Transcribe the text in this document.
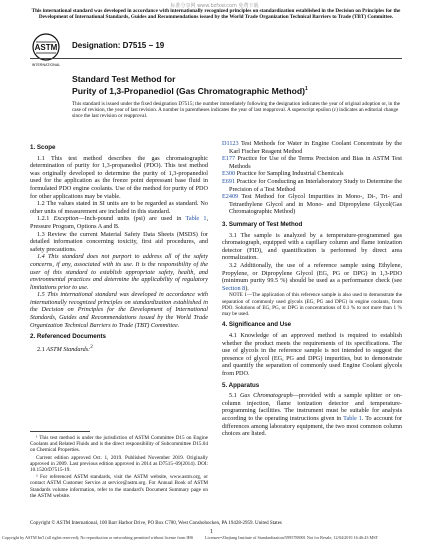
标准分享网 www.bzfxw.com 免费下载
This international standard was developed in accordance with internationally recognized principles on standardization established in the Decision on Principles for the Development of International Standards, Guides and Recommendations issued by the World Trade Organization Technical Barriers to Trade (TBT) Committee.
ASTM
INTERNATIONAL
Designation: D7515 − 19
Standard Test Method for
Purity of 1,3-Propanediol (Gas Chromatographic Method)$^1$
This standard is issued under the fixed designation D7515; the number immediately following the designation indicates the year of original adoption or, in the case of revision, the year of last revision. A number in parentheses indicates the year of last reapproval. A superscript epsilon (ε) indicates an editorial change since the last revision or reapproval.
1. Scope

1.1 This test method describes the gas chromatographic determination of purity for 1,3-propanediol (PDO). This test method was originally developed to determine the purity of 1,3-propanediol used for the application as the freeze point depressant base fluid in formulated PDO engine coolants. Use of the method for purity of PDO for other applications may be viable.

1.2 The values stated in SI units are to be regarded as standard. No other units of measurement are included in this standard.

1.2.1 Exception—Inch-pound units (psi) are used in Table 1, Pressure Program, Options A and B.

1.3 Review the current Material Safety Data Sheets (MSDS) for detailed information concerning toxicity, first aid procedures, and safety precautions.

1.4 This standard does not purport to address all of the safety concerns, if any, associated with its use. It is the responsibility of the user of this standard to establish appropriate safety, health, and environmental practices and determine the applicability of regulatory limitations prior to use.

1.5 This international standard was developed in accordance with internationally recognized principles on standardization established in the Decision on Principles for the Development of International Standards, Guides and Recommendations issued by the World Trade Organization Technical Barriers to Trade (TBT) Committee.

2. Referenced Documents

2.1 ASTM Standards:$^2$

¹ This test method is under the jurisdiction of ASTM Committee D15 on Engine Coolants and Related Fluids and is the direct responsibility of Subcommittee D15.04 on Chemical Properties.

Current edition approved Oct. 1, 2019. Published November 2019. Originally approved in 2009. Last previous edition approved in 2014 as D7515–09(2014). DOI: 10.1520/D7515-19.

² For referenced ASTM standards, visit the ASTM website, www.astm.org, or contact ASTM Customer Service at service@astm.org. For Annual Book of ASTM Standards volume information, refer to the standard's Document Summary page on the ASTM website.

D1123 Test Methods for Water in Engine Coolant Concentrate by the Karl Fischer Reagent Method

E177 Practice for Use of the Terms Precision and Bias in ASTM Test Methods

E300 Practice for Sampling Industrial Chemicals

E691 Practice for Conducting an Interlaboratory Study to Determine the Precision of a Test Method

E2409 Test Method for Glycol Impurities in Mono-, Di-, Tri- and Tetraethylene Glycol and in Mono- and Dipropylene Glycol(Gas Chromatographic Method)

3. Summary of Test Method

3.1 The sample is analyzed by a temperature-programmed gas chromatograph, equipped with a capillary column and flame ionization detector (FID), and quantification is performed by direct area normalization.

3.2 Additionally, the use of a reference sample using Ethylene, Propylene, or Dipropylene Glycol (EG, PG or DPG) in 1,3-PDO (minimum purity 99.5 %) should be used as a performance check (see Section 8).

NOTE 1—The application of this reference sample is also used to demonstrate the separation of commonly used glycols (EG, PG and DPG) in engine coolants, from PDO. Solutions of EG, PG, or DPG in concentrations of 0.1 % to not more than 1 % may be used.

4. Significance and Use

4.1 Knowledge of an approved method is required to establish whether the product meets the requirements of its specifications. The use of glycols in the reference sample is not intended to suggest the presence of glycol (EG, PG and DPG) impurities, but to demonstrate and quantify the separation of commonly used Engine Coolant glycols from PDO.

5. Apparatus

5.1 Gas Chromatograph—provided with a sample splitter or on-column injection, flame ionization detector and temperature-programming facilities. The instrument must be suitable for analysis according to the operating instructions given in Table 1. To account for differences among laboratory equipment, the two most common column choices are listed.

Copyright © ASTM International, 100 Barr Harbor Drive, PO Box C700, West Conshohocken, PA 19428-2959. United States
1
Copyright by ASTM Int'l (all rights reserved); No reproduction or networking permitted without license from IHS	Licensee=Zhejiang Institute of Standardization/5995788001 Not for Resale, 12/04/2019 16:46:43 MST
